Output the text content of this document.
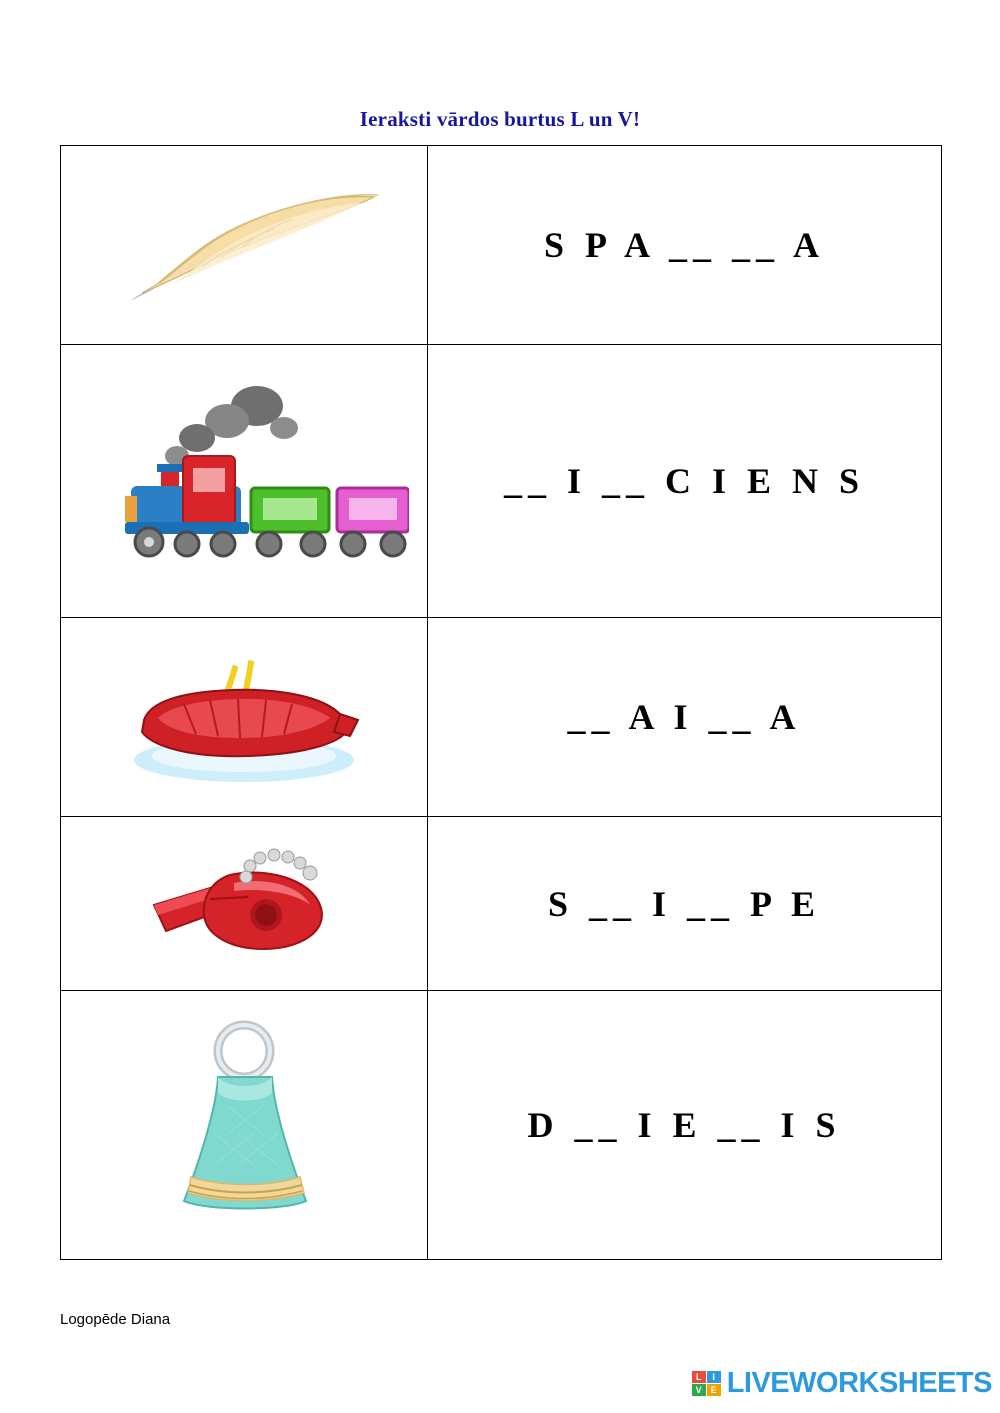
Ieraksti vārdos burtus L un V!
	S P A __ __ A

	__ I __ C I E N S

	__ A I __ A

	S __ I __ P E

	D __ I E __ I S
Logopēde Diana
L	I
V E LIVEWORKSHEETS
